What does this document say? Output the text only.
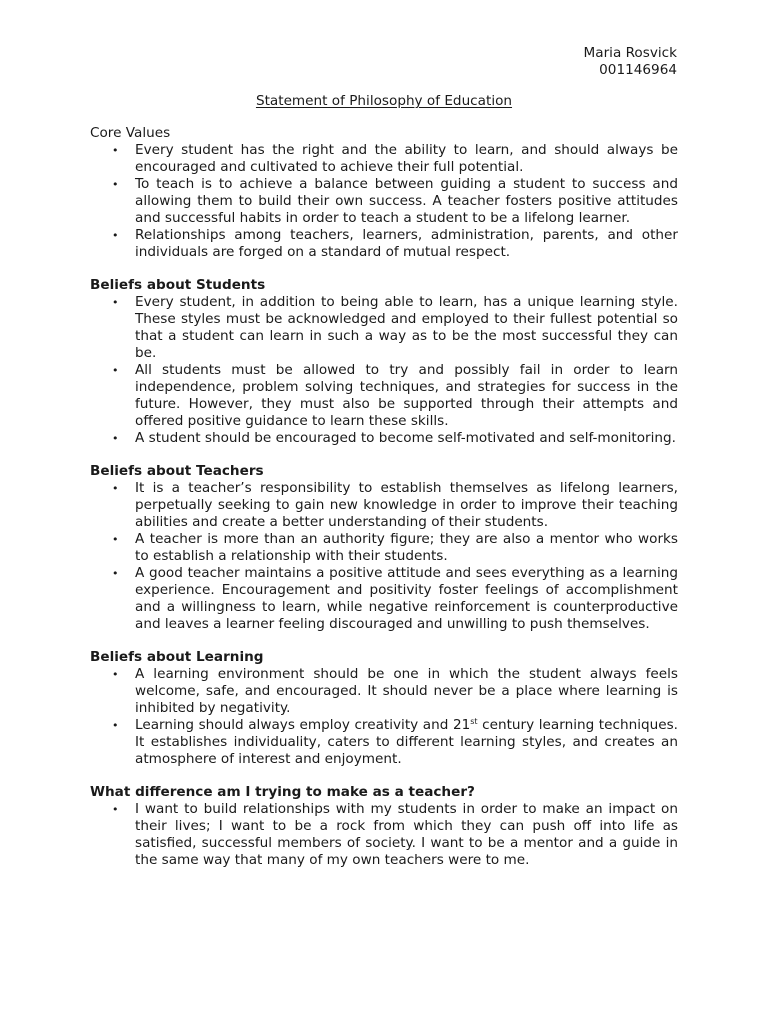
Maria Rosvick
001146964
Statement of Philosophy of Education
Core Values
• Every student has the right and the ability to learn, and should always be encouraged and cultivated to achieve their full potential.
• To teach is to achieve a balance between guiding a student to success and allowing them to build their own success. A teacher fosters positive attitudes and successful habits in order to teach a student to be a lifelong learner.
• Relationships among teachers, learners, administration, parents, and other individuals are forged on a standard of mutual respect.
Beliefs about Students
• Every student, in addition to being able to learn, has a unique learning style. These styles must be acknowledged and employed to their fullest potential so that a student can learn in such a way as to be the most successful they can be.
• All students must be allowed to try and possibly fail in order to learn independence, problem solving techniques, and strategies for success in the future. However, they must also be supported through their attempts and offered positive guidance to learn these skills.
• A student should be encouraged to become self-motivated and self-monitoring.
Beliefs about Teachers
• It is a teacher’s responsibility to establish themselves as lifelong learners, perpetually seeking to gain new knowledge in order to improve their teaching abilities and create a better understanding of their students.
• A teacher is more than an authority figure; they are also a mentor who works to establish a relationship with their students.
• A good teacher maintains a positive attitude and sees everything as a learning experience. Encouragement and positivity foster feelings of accomplishment and a willingness to learn, while negative reinforcement is counterproductive and leaves a learner feeling discouraged and unwilling to push themselves.
Beliefs about Learning
• A learning environment should be one in which the student always feels welcome, safe, and encouraged. It should never be a place where learning is inhibited by negativity.
• Learning should always employ creativity and 21st century learning techniques. It establishes individuality, caters to different learning styles, and creates an atmosphere of interest and enjoyment.
What difference am I trying to make as a teacher?
• I want to build relationships with my students in order to make an impact on their lives; I want to be a rock from which they can push off into life as satisfied, successful members of society. I want to be a mentor and a guide in the same way that many of my own teachers were to me.
